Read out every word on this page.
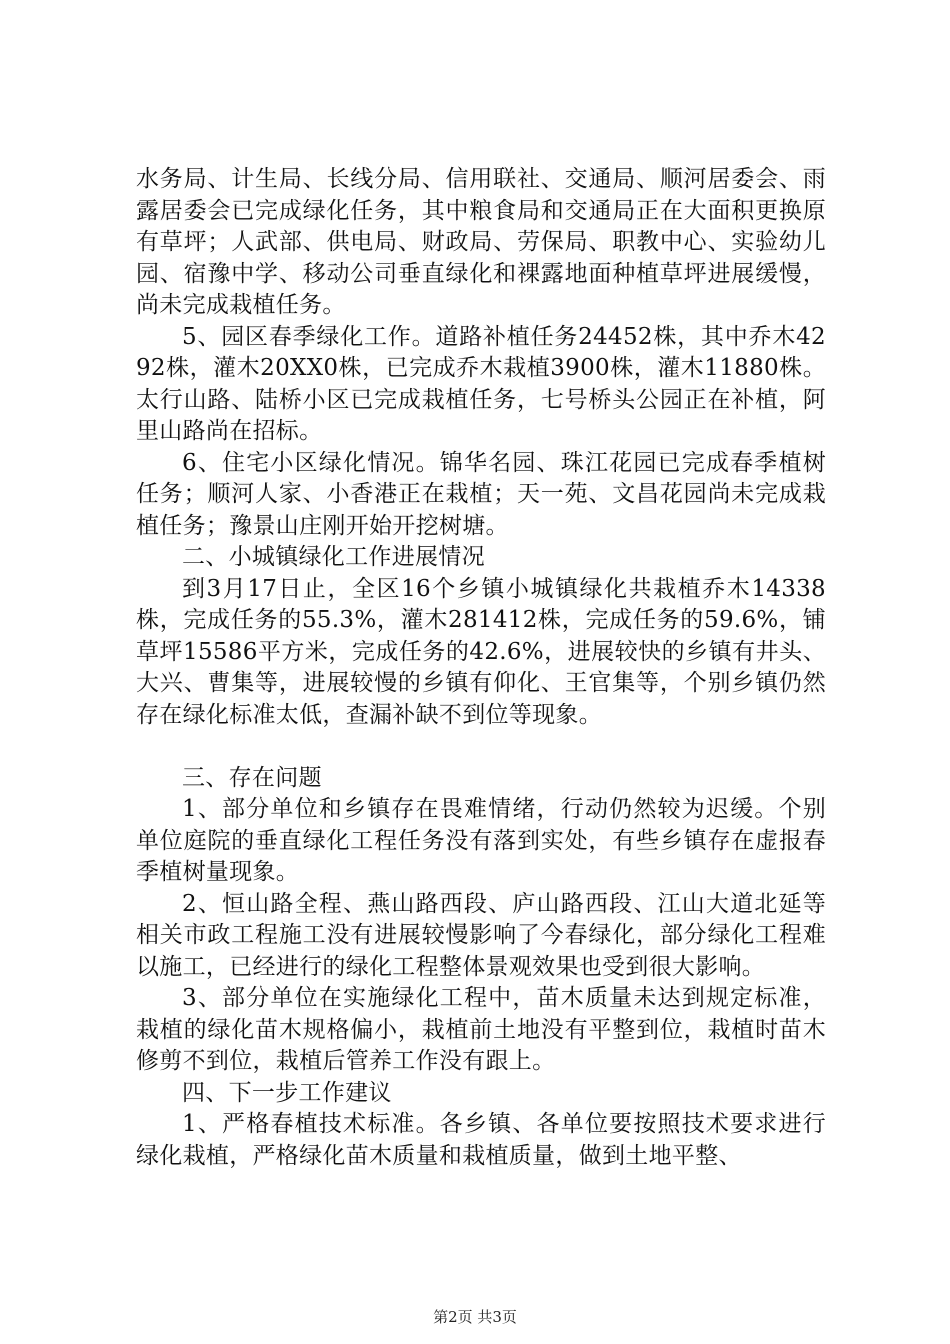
水务局、计生局、长线分局、信用联社、交通局、顺河居委会、雨露居委会已完成绿化任务，其中粮食局和交通局正在大面积更换原有草坪；人武部、供电局、财政局、劳保局、职教中心、实验幼儿园、宿豫中学、移动公司垂直绿化和裸露地面种植草坪进展缓慢，尚未完成栽植任务。

5、园区春季绿化工作。道路补植任务24452株，其中乔木4292株，灌木20XX0株，已完成乔木栽植3900株，灌木11880株。太行山路、陆桥小区已完成栽植任务，七号桥头公园正在补植，阿里山路尚在招标。

6、住宅小区绿化情况。锦华名园、珠江花园已完成春季植树任务；顺河人家、小香港正在栽植；天一苑、文昌花园尚未完成栽植任务；豫景山庄刚开始开挖树塘。

二、小城镇绿化工作进展情况

到3月17日止，全区16个乡镇小城镇绿化共栽植乔木14338株，完成任务的55.3%，灌木281412株，完成任务的59.6%，铺草坪15586平方米，完成任务的42.6%，进展较快的乡镇有井头、大兴、曹集等，进展较慢的乡镇有仰化、王官集等，个别乡镇仍然存在绿化标准太低，查漏补缺不到位等现象。

三、存在问题

1、部分单位和乡镇存在畏难情绪，行动仍然较为迟缓。个别单位庭院的垂直绿化工程任务没有落到实处，有些乡镇存在虚报春季植树量现象。

2、恒山路全程、燕山路西段、庐山路西段、江山大道北延等相关市政工程施工没有进展较慢影响了今春绿化，部分绿化工程难以施工，已经进行的绿化工程整体景观效果也受到很大影响。

3、部分单位在实施绿化工程中，苗木质量未达到规定标准，栽植的绿化苗木规格偏小，栽植前土地没有平整到位，栽植时苗木修剪不到位，栽植后管养工作没有跟上。

四、下一步工作建议

1、严格春植技术标准。各乡镇、各单位要按照技术要求进行绿化栽植，严格绿化苗木质量和栽植质量，做到土地平整、

第2页 共3页
